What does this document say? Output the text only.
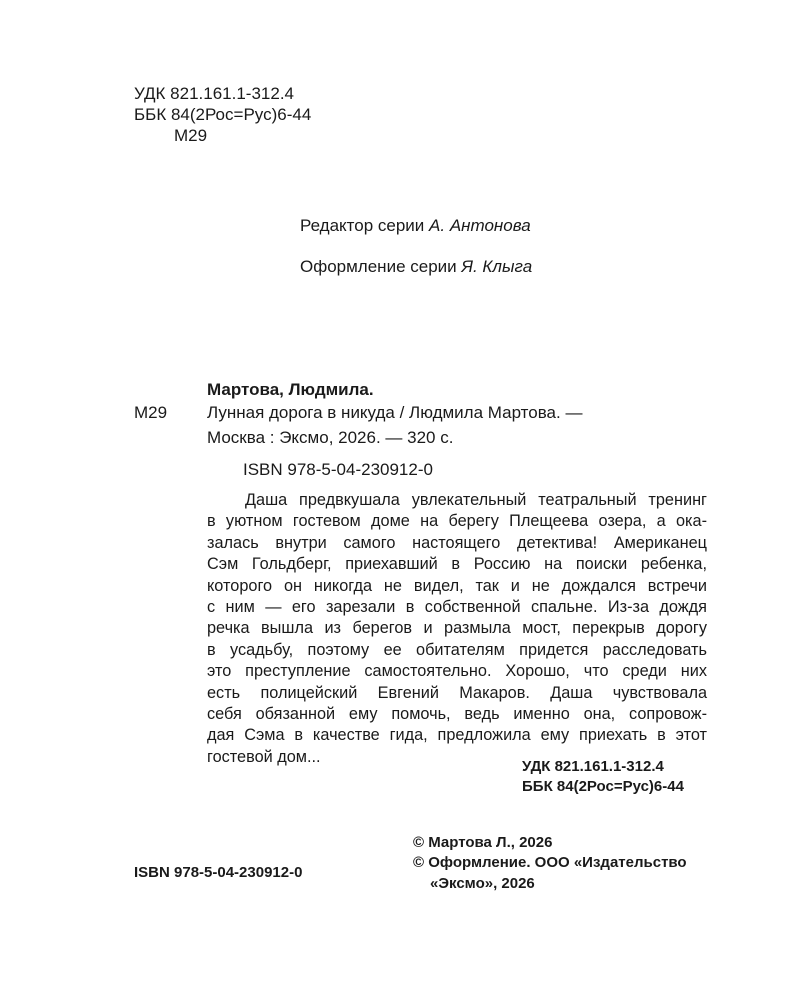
УДК 821.161.1-312.4
ББК 84(2Рос=Рус)6-44
М29
Редактор серии А. Антонова
Оформление серии Я. Клыга
Мартова, Людмила.
М29 Лунная дорога в никуда / Людмила Мартова. —
Москва : Эксмо, 2026. — 320 с.
ISBN 978-5-04-230912-0
Даша предвкушала увлекательный театральный тренинг
в уютном гостевом доме на берегу Плещеева озера, а ока-
залась внутри самого настоящего детектива! Американец
Сэм Гольдберг, приехавший в Россию на поиски ребенка,
которого он никогда не видел, так и не дождался встречи
с ним — его зарезали в собственной спальне. Из-за дождя
речка вышла из берегов и размыла мост, перекрыв дорогу
в усадьбу, поэтому ее обитателям придется расследовать
это преступление самостоятельно. Хорошо, что среди них
есть полицейский Евгений Макаров. Даша чувствовала
себя обязанной ему помочь, ведь именно она, сопровож-
дая Сэма в качестве гида, предложила ему приехать в этот
гостевой дом...
УДК 821.161.1-312.4
ББК 84(2Рос=Рус)6-44
© Мартова Л., 2026
© Оформление. ООО «Издательство
«Эксмо», 2026
ISBN 978-5-04-230912-0
